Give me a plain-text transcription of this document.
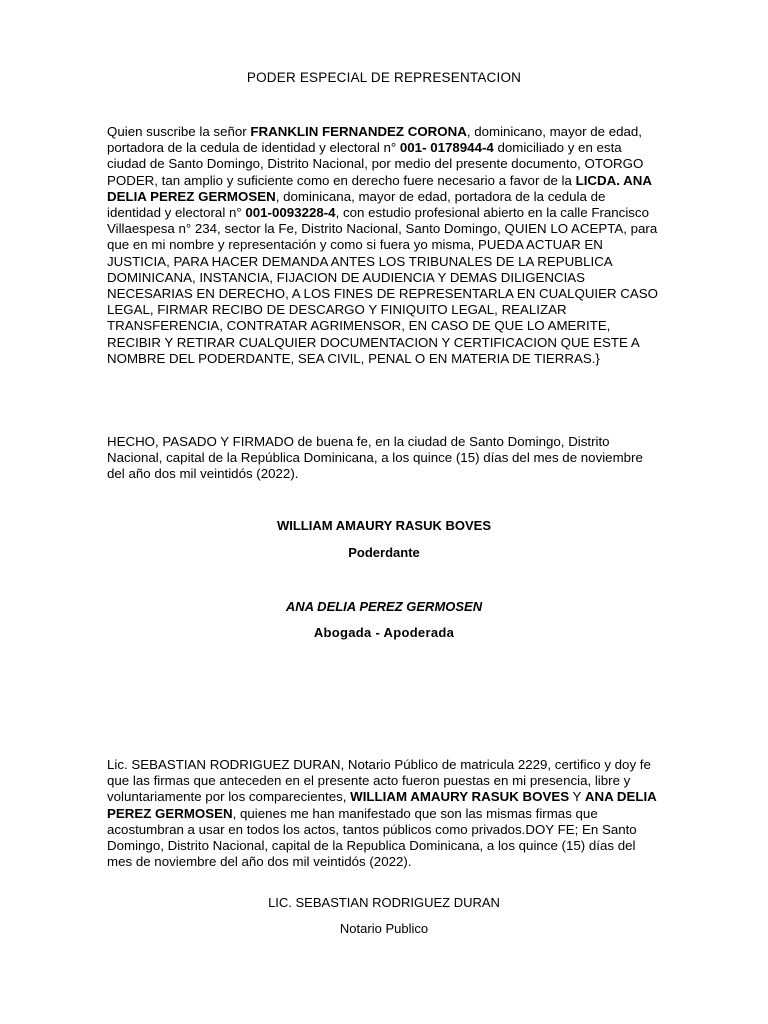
PODER ESPECIAL DE REPRESENTACION

Quien suscribe la señor FRANKLIN FERNANDEZ CORONA, dominicano, mayor de edad, portadora de la cedula de identidad y electoral n° 001- 0178944-4 domiciliado y en esta ciudad de Santo Domingo, Distrito Nacional, por medio del presente documento, OTORGO PODER, tan amplio y suficiente como en derecho fuere necesario a favor de la LICDA. ANA DELIA PEREZ GERMOSEN, dominicana, mayor de edad, portadora de la cedula de identidad y electoral n° 001-0093228-4, con estudio profesional abierto en la calle Francisco Villaespesa n° 234, sector la Fe, Distrito Nacional, Santo Domingo, QUIEN LO ACEPTA, para que en mi nombre y representación y como si fuera yo misma, PUEDA ACTUAR EN JUSTICIA, PARA HACER DEMANDA ANTES LOS TRIBUNALES DE LA REPUBLICA DOMINICANA, INSTANCIA, FIJACION DE AUDIENCIA Y DEMAS DILIGENCIAS NECESARIAS EN DERECHO, A LOS FINES DE REPRESENTARLA EN CUALQUIER CASO LEGAL, FIRMAR RECIBO DE DESCARGO Y FINIQUITO LEGAL, REALIZAR TRANSFERENCIA, CONTRATAR AGRIMENSOR, EN CASO DE QUE LO AMERITE, RECIBIR Y RETIRAR CUALQUIER DOCUMENTACION Y CERTIFICACION QUE ESTE A NOMBRE DEL PODERDANTE, SEA CIVIL, PENAL O EN MATERIA DE TIERRAS.}

HECHO, PASADO Y FIRMADO de buena fe, en la ciudad de Santo Domingo, Distrito Nacional, capital de la República Dominicana, a los quince (15) días del mes de noviembre del año dos mil veintidós (2022).

WILLIAM AMAURY RASUK BOVES
Poderdante
ANA DELIA PEREZ GERMOSEN
Abogada - Apoderada

Lic. SEBASTIAN RODRIGUEZ DURAN, Notario Público de matricula 2229, certifico y doy fe que las firmas que anteceden en el presente acto fueron puestas en mi presencia, libre y voluntariamente por los comparecientes, WILLIAM AMAURY RASUK BOVES Y ANA DELIA PEREZ GERMOSEN, quienes me han manifestado que son las mismas firmas que acostumbran a usar en todos los actos, tantos públicos como privados.DOY FE; En Santo Domingo, Distrito Nacional, capital de la Republica Dominicana, a los quince (15) días del mes de noviembre del año dos mil veintidós (2022).

LIC. SEBASTIAN RODRIGUEZ DURAN
Notario Publico
